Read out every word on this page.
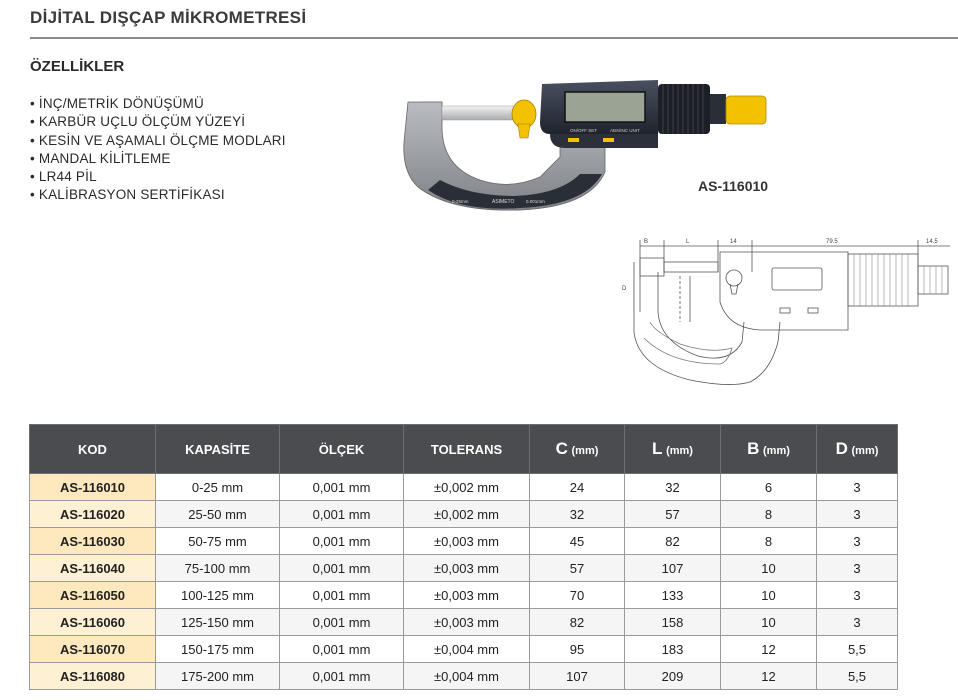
DİJİTAL DIŞÇAP MİKROMETRESİ
ÖZELLİKLER
• İNÇ/METRİK DÖNÜŞÜMÜ
• KARBÜR UÇLU ÖLÇÜM YÜZEYİ
• KESİN VE AŞAMALI ÖLÇME MODLARI
• MANDAL KİLİTLEME
• LR44 PİL
• KALİBRASYON SERTİFİKASI	0-25mm	ASIMETO	0.001mm
ON/OFF SET	ABS/INC UNIT
AS-116010
B	L	14	79.5	14.5
D
KOD	KAPASİTE	ÖLÇEK	TOLERANS	C (mm)	L (mm)	B (mm)	D (mm)
AS-116010	0-25 mm	0,001 mm	±0,002 mm	24	32	6	3
AS-116020	25-50 mm	0,001 mm	±0,002 mm	32	57	8	3
AS-116030	50-75 mm	0,001 mm	±0,003 mm	45	82	8	3
AS-116040	75-100 mm	0,001 mm	±0,003 mm	57	107	10	3
AS-116050	100-125 mm	0,001 mm	±0,003 mm	70	133	10	3
AS-116060	125-150 mm	0,001 mm	±0,003 mm	82	158	10	3
AS-116070	150-175 mm	0,001 mm	±0,004 mm	95	183	12	5,5
AS-116080	175-200 mm	0,001 mm	±0,004 mm	107	209	12	5,5
